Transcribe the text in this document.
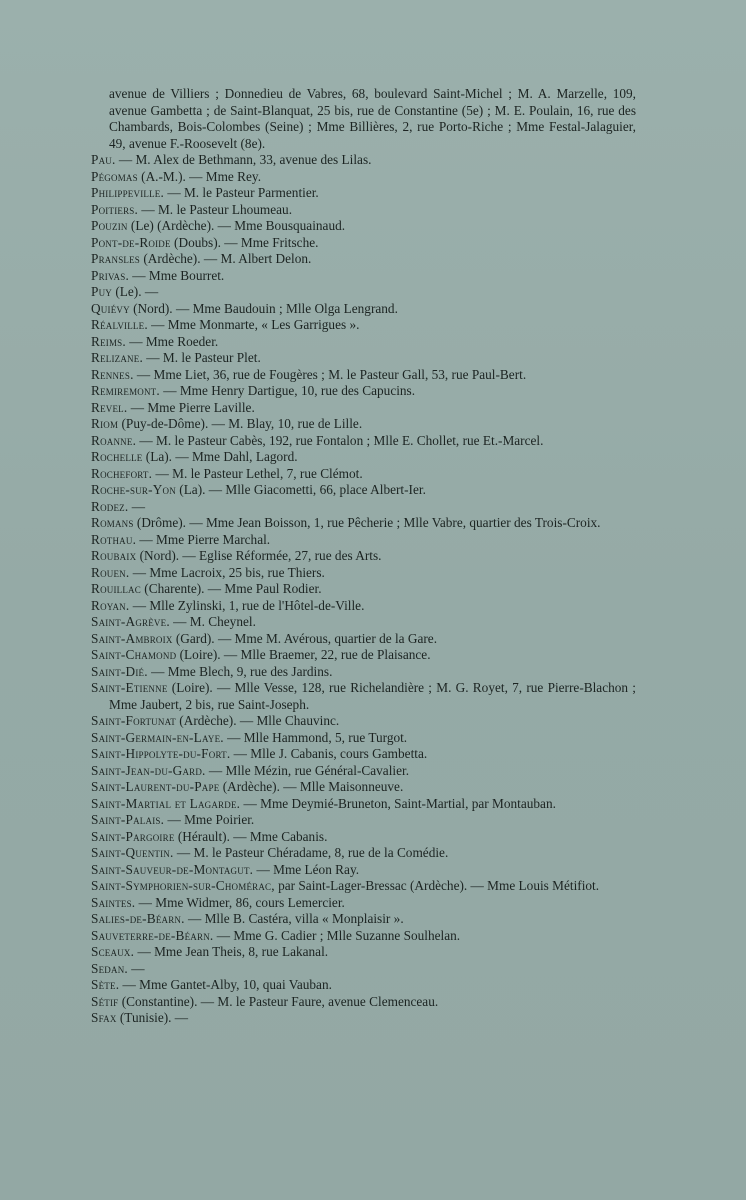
avenue de Villiers ; Donnedieu de Vabres, 68, boulevard Saint-Michel ; M. A. Marzelle, 109, avenue Gambetta ; de Saint-Blanquat, 25 bis, rue de Constantine (5e) ; M. E. Poulain, 16, rue des Chambards, Bois-Colombes (Seine) ; Mme Billières, 2, rue Porto-Riche ; Mme Festal-Jalaguier, 49, avenue F.-Roosevelt (8e).

Pau. — M. Alex de Bethmann, 33, avenue des Lilas.

Pégomas (A.-M.). — Mme Rey.

Philippeville. — M. le Pasteur Parmentier.

Poitiers. — M. le Pasteur Lhoumeau.

Pouzin (Le) (Ardèche). — Mme Bousquainaud.

Pont-de-Roide (Doubs). — Mme Fritsche.

Pransles (Ardèche). — M. Albert Delon.

Privas. — Mme Bourret.

Puy (Le). —

Quiévy (Nord). — Mme Baudouin ; Mlle Olga Lengrand.

Réalville. — Mme Monmarte, « Les Garrigues ».

Reims. — Mme Roeder.

Relizane. — M. le Pasteur Plet.

Rennes. — Mme Liet, 36, rue de Fougères ; M. le Pasteur Gall, 53, rue Paul-Bert.

Remiremont. — Mme Henry Dartigue, 10, rue des Capucins.

Revel. — Mme Pierre Laville.

Riom (Puy-de-Dôme). — M. Blay, 10, rue de Lille.

Roanne. — M. le Pasteur Cabès, 192, rue Fontalon ; Mlle E. Chollet, rue Et.-Marcel.

Rochelle (La). — Mme Dahl, Lagord.

Rochefort. — M. le Pasteur Lethel, 7, rue Clémot.

Roche-sur-Yon (La). — Mlle Giacometti, 66, place Albert-Ier.

Rodez. —

Romans (Drôme). — Mme Jean Boisson, 1, rue Pêcherie ; Mlle Vabre, quartier des Trois-Croix.

Rothau. — Mme Pierre Marchal.

Roubaix (Nord). — Eglise Réformée, 27, rue des Arts.

Rouen. — Mme Lacroix, 25 bis, rue Thiers.

Rouillac (Charente). — Mme Paul Rodier.

Royan. — Mlle Zylinski, 1, rue de l'Hôtel-de-Ville.

Saint-Agrève. — M. Cheynel.

Saint-Ambroix (Gard). — Mme M. Avérous, quartier de la Gare.

Saint-Chamond (Loire). — Mlle Braemer, 22, rue de Plaisance.

Saint-Dié. — Mme Blech, 9, rue des Jardins.

Saint-Etienne (Loire). — Mlle Vesse, 128, rue Richelandière ; M. G. Royet, 7, rue Pierre-Blachon ; Mme Jaubert, 2 bis, rue Saint-Joseph.

Saint-Fortunat (Ardèche). — Mlle Chauvinc.

Saint-Germain-en-Laye. — Mlle Hammond, 5, rue Turgot.

Saint-Hippolyte-du-Fort. — Mlle J. Cabanis, cours Gambetta.

Saint-Jean-du-Gard. — Mlle Mézin, rue Général-Cavalier.

Saint-Laurent-du-Pape (Ardèche). — Mlle Maisonneuve.

Saint-Martial et Lagarde. — Mme Deymié-Bruneton, Saint-Martial, par Montauban.

Saint-Palais. — Mme Poirier.

Saint-Pargoire (Hérault). — Mme Cabanis.

Saint-Quentin. — M. le Pasteur Chéradame, 8, rue de la Comédie.

Saint-Sauveur-de-Montagut. — Mme Léon Ray.

Saint-Symphorien-sur-Chomérac, par Saint-Lager-Bressac (Ardèche). — Mme Louis Métifiot.

Saintes. — Mme Widmer, 86, cours Lemercier.

Salies-de-Béarn. — Mlle B. Castéra, villa « Monplaisir ».

Sauveterre-de-Béarn. — Mme G. Cadier ; Mlle Suzanne Soulhelan.

Sceaux. — Mme Jean Theis, 8, rue Lakanal.

Sedan. —

Sète. — Mme Gantet-Alby, 10, quai Vauban.

Sétif (Constantine). — M. le Pasteur Faure, avenue Clemenceau.

Sfax (Tunisie). —
